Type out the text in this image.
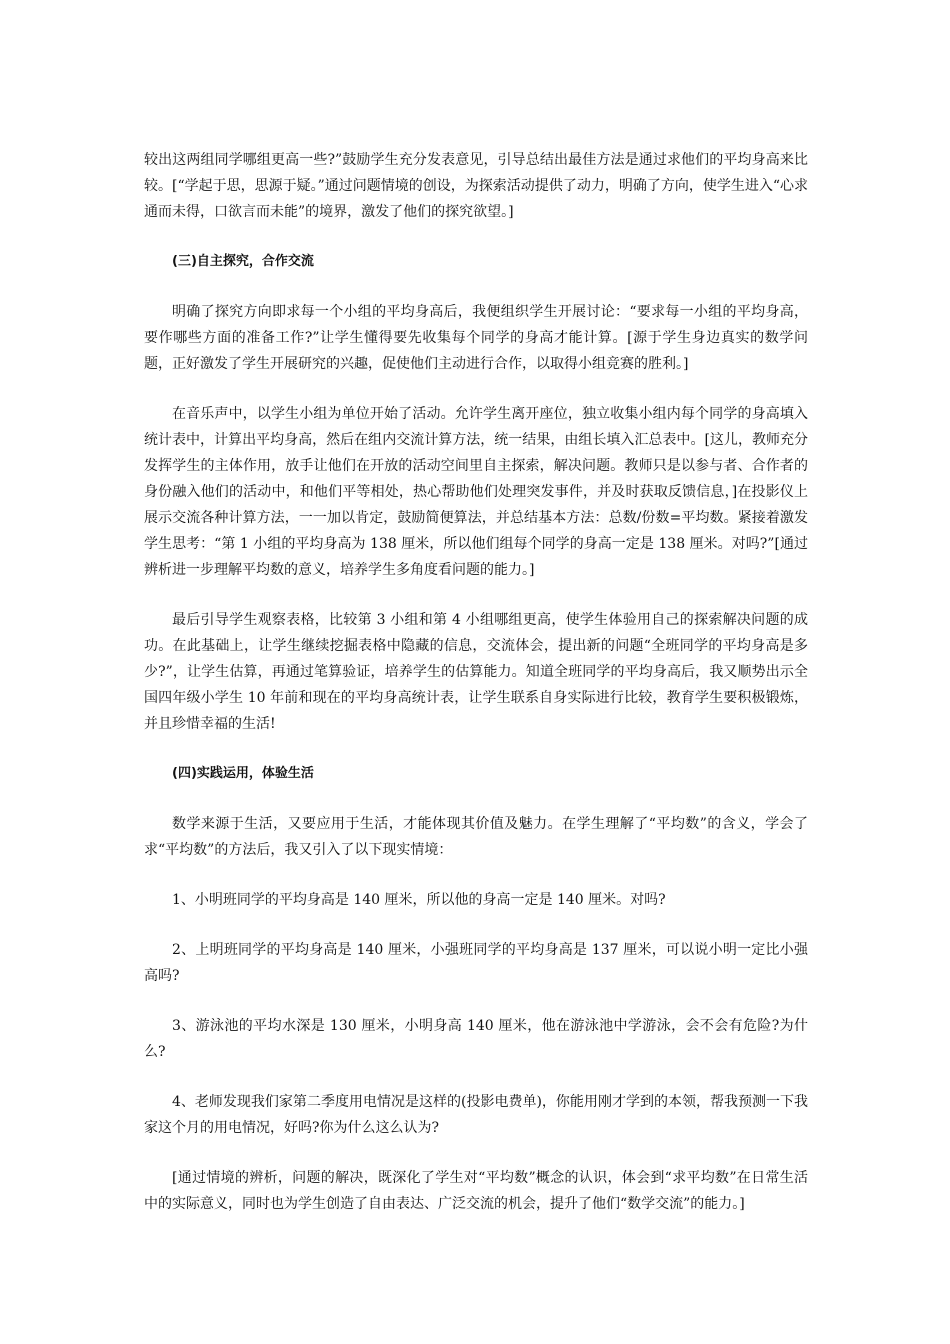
较出这两组同学哪组更高一些?”鼓励学生充分发表意见，引导总结出最佳方法是通过求他们的平均身高来比较。[“学起于思，思源于疑。”通过问题情境的创设，为探索活动提供了动力，明确了方向，使学生进入“心求通而未得，口欲言而未能”的境界，激发了他们的探究欲望。]

(三)自主探究，合作交流

明确了探究方向即求每一个小组的平均身高后，我便组织学生开展讨论：“要求每一小组的平均身高，要作哪些方面的准备工作?”让学生懂得要先收集每个同学的身高才能计算。[源于学生身边真实的数学问题，正好激发了学生开展研究的兴趣，促使他们主动进行合作，以取得小组竞赛的胜利。]

在音乐声中，以学生小组为单位开始了活动。允许学生离开座位，独立收集小组内每个同学的身高填入统计表中，计算出平均身高，然后在组内交流计算方法，统一结果，由组长填入汇总表中。[这儿，教师充分发挥学生的主体作用，放手让他们在开放的活动空间里自主探索，解决问题。教师只是以参与者、合作者的身份融入他们的活动中，和他们平等相处，热心帮助他们处理突发事件，并及时获取反馈信息，]在投影仪上展示交流各种计算方法，一一加以肯定，鼓励简便算法，并总结基本方法：总数/份数=平均数。紧接着激发学生思考：“第 1 小组的平均身高为 138 厘米，所以他们组每个同学的身高一定是 138 厘米。对吗?”[通过辨析进一步理解平均数的意义，培养学生多角度看问题的能力。]

最后引导学生观察表格，比较第 3 小组和第 4 小组哪组更高，使学生体验用自己的探索解决问题的成功。在此基础上，让学生继续挖掘表格中隐藏的信息，交流体会，提出新的问题“全班同学的平均身高是多少?”，让学生估算，再通过笔算验证，培养学生的估算能力。知道全班同学的平均身高后，我又顺势出示全国四年级小学生 10 年前和现在的平均身高统计表，让学生联系自身实际进行比较，教育学生要积极锻炼，并且珍惜幸福的生活!

(四)实践运用，体验生活

数学来源于生活，又要应用于生活，才能体现其价值及魅力。在学生理解了“平均数”的含义，学会了求“平均数”的方法后，我又引入了以下现实情境：

1、小明班同学的平均身高是 140 厘米，所以他的身高一定是 140 厘米。对吗?

2、上明班同学的平均身高是 140 厘米，小强班同学的平均身高是 137 厘米，可以说小明一定比小强高吗?

3、游泳池的平均水深是 130 厘米，小明身高 140 厘米，他在游泳池中学游泳，会不会有危险?为什么?

4、老师发现我们家第二季度用电情况是这样的(投影电费单)，你能用刚才学到的本领，帮我预测一下我家这个月的用电情况，好吗?你为什么这么认为?

[通过情境的辨析，问题的解决，既深化了学生对“平均数”概念的认识，体会到“求平均数”在日常生活中的实际意义，同时也为学生创造了自由表达、广泛交流的机会，提升了他们“数学交流”的能力。]
